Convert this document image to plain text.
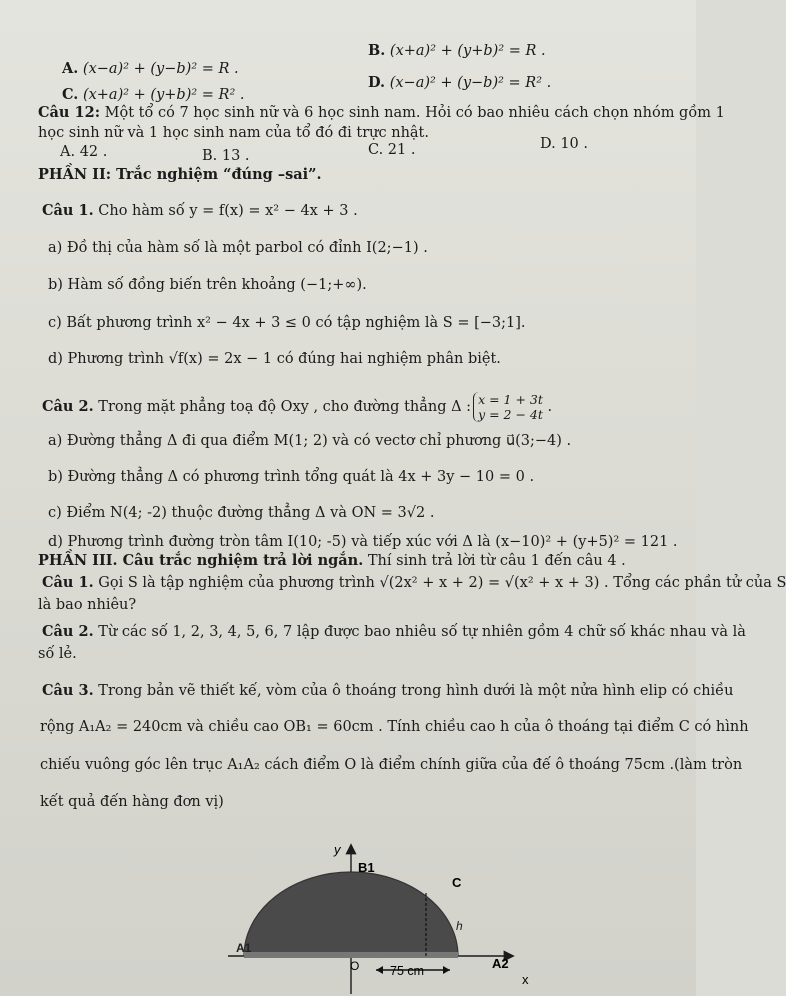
A. (x−a)² + (y−b)² = R .
B. (x+a)² + (y+b)² = R .
C. (x+a)² + (y+b)² = R² .
D. (x−a)² + (y−b)² = R² .
Câu 12: Một tổ có 7 học sinh nữ và 6 học sinh nam. Hỏi có bao nhiêu cách chọn nhóm gồm 1
học sinh nữ và 1 học sinh nam của tổ đó đi trực nhật.
A. 42 .	B. 13 .	C. 21 .	D. 10 .
PHẦN II: Trắc nghiệm “đúng –sai”.
Câu 1. Cho hàm số y = f(x) = x² − 4x + 3 .
a) Đồ thị của hàm số là một parbol có đỉnh I(2;−1) .
b) Hàm số đồng biến trên khoảng (−1;+∞).
c) Bất phương trình x² − 4x + 3 ≤ 0 có tập nghiệm là S = [−3;1].
d) Phương trình √f(x) = 2x − 1 có đúng hai nghiệm phân biệt.
Câu 2. Trong mặt phẳng toạ độ Oxy , cho đường thẳng Δ : x = 1 + 3t
y = 2 − 4t .
a) Đường thẳng Δ đi qua điểm M(1; 2) và có vectơ chỉ phương u⃗(3;−4) .
b) Đường thẳng Δ có phương trình tổng quát là 4x + 3y − 10 = 0 .
c) Điểm N(4; -2) thuộc đường thẳng Δ và ON = 3√2 .
d) Phương trình đường tròn tâm I(10; -5) và tiếp xúc với Δ là (x−10)² + (y+5)² = 121 .
PHẦN III. Câu trắc nghiệm trả lời ngắn. Thí sinh trả lời từ câu 1 đến câu 4 .
Câu 1. Gọi S là tập nghiệm của phương trình √(2x² + x + 2) = √(x² + x + 3) . Tổng các phần tử của S
là bao nhiêu?
Câu 2. Từ các số 1, 2, 3, 4, 5, 6, 7 lập được bao nhiêu số tự nhiên gồm 4 chữ số khác nhau và là
số lẻ.
Câu 3. Trong bản vẽ thiết kế, vòm của ô thoáng trong hình dưới là một nửa hình elip có chiều
rộng A₁A₂ = 240cm và chiều cao OB₁ = 60cm . Tính chiều cao h của ô thoáng tại điểm C có hình
chiếu vuông góc lên trục A₁A₂ cách điểm O là điểm chính giữa của đế ô thoáng 75cm .(làm tròn
kết quả đến hàng đơn vị)
y
B1
C
h
A1
O	A2
x
75 cm
